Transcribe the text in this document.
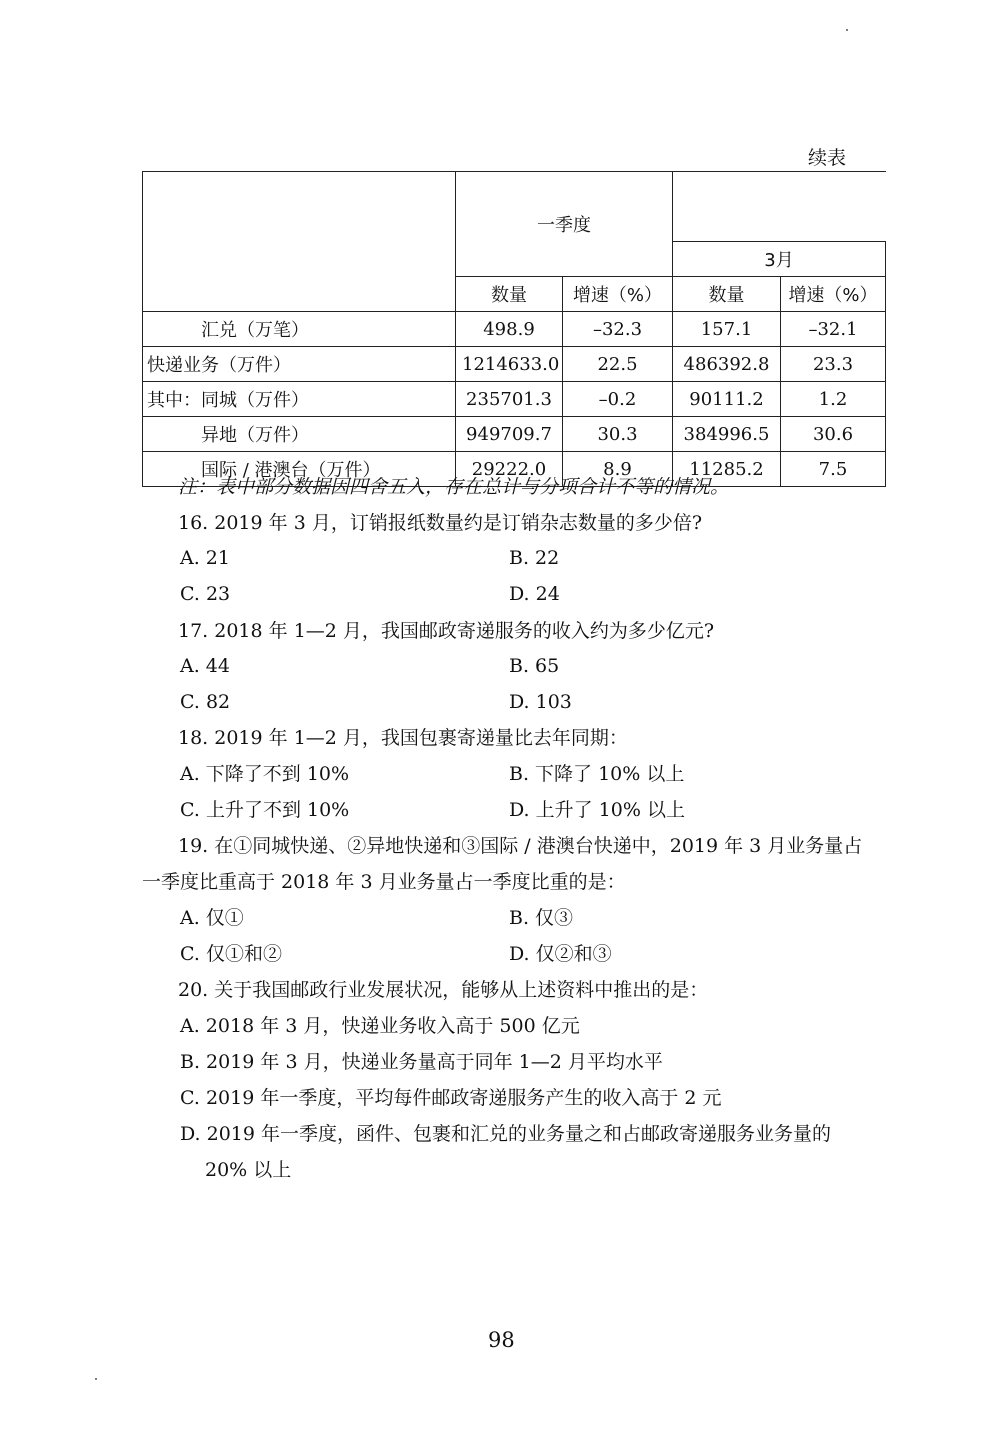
续表
	一季度			
			3月	
	数量	增速（%）	数量	增速（%）
汇兑（万笔）	498.9	–32.3	157.1	–32.1
快递业务（万件）	1214633.0	22.5	486392.8	23.3
其中：同城（万件）	235701.3	–0.2	90111.2	1.2
异地（万件）	949709.7	30.3	384996.5	30.6
国际 / 港澳台（万件）	29222.0	8.9	11285.2	7.5
注：表中部分数据因四舍五入，存在总计与分项合计不等的情况。
16. 2019 年 3 月，订销报纸数量约是订销杂志数量的多少倍?
A. 21	B. 22
C. 23	D. 24
17. 2018 年 1—2 月，我国邮政寄递服务的收入约为多少亿元?
A. 44	B. 65
C. 82	D. 103
18. 2019 年 1—2 月，我国包裹寄递量比去年同期：
A. 下降了不到 10%	B. 下降了 10% 以上
C. 上升了不到 10%	D. 上升了 10% 以上
19. 在①同城快递、②异地快递和③国际 / 港澳台快递中，2019 年 3 月业务量占
一季度比重高于 2018 年 3 月业务量占一季度比重的是：
A. 仅①	B. 仅③
C. 仅①和②	D. 仅②和③
20. 关于我国邮政行业发展状况，能够从上述资料中推出的是：
A. 2018 年 3 月，快递业务收入高于 500 亿元
B. 2019 年 3 月，快递业务量高于同年 1—2 月平均水平
C. 2019 年一季度，平均每件邮政寄递服务产生的收入高于 2 元
D. 2019 年一季度，函件、包裹和汇兑的业务量之和占邮政寄递服务业务量的
20% 以上
98
